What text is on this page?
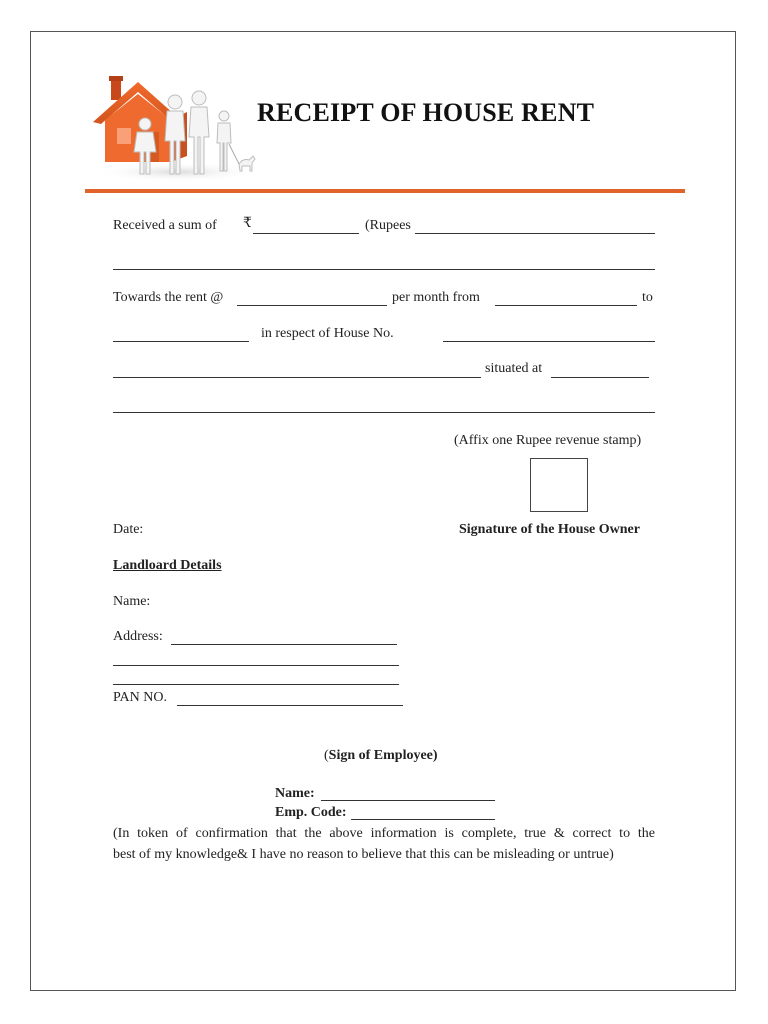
RECEIPT OF HOUSE RENT
Received a sum of ₹	(Rupees
Towards the rent @	per month from	to
in respect of House No.
situated at
(Affix one Rupee revenue stamp)
Date:	Signature of the House Owner
Landloard Details
Name:
Address:
PAN NO.
(Sign of Employee)
Name:
Emp. Code:
(In token of confirmation that the above information is complete, true & correct to the
best of my knowledge& I have no reason to believe that this can be misleading or untrue)
